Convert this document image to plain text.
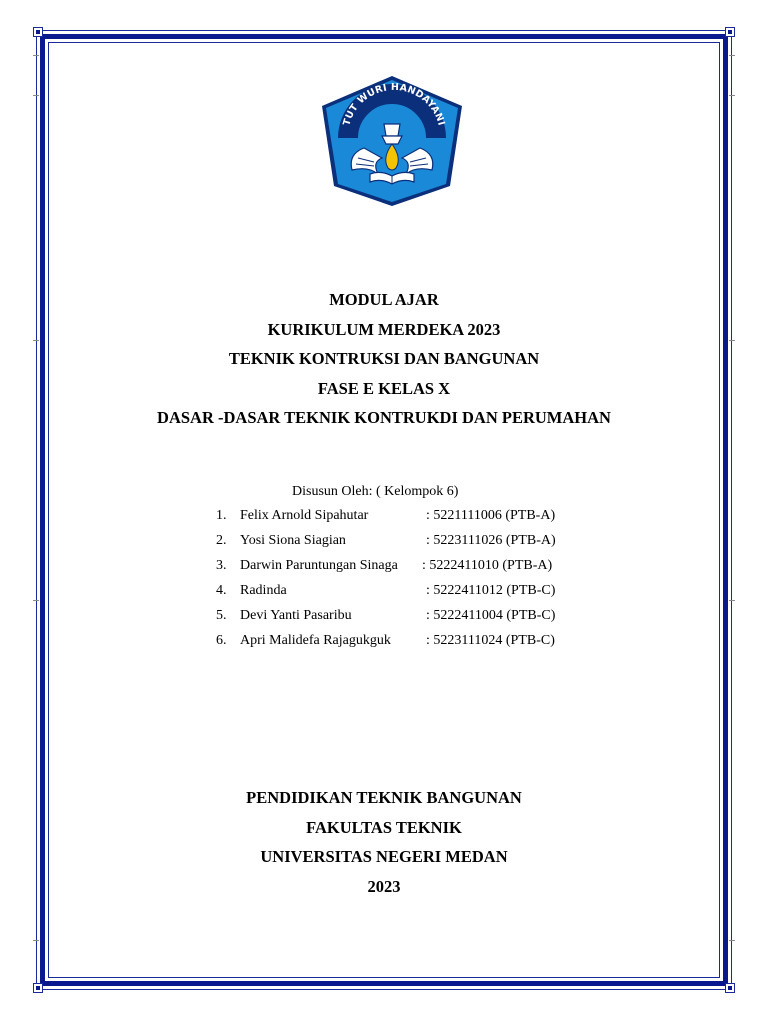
TUT WURI HANDAYANI
MODUL AJAR
KURIKULUM MERDEKA 2023
TEKNIK KONTRUKSI DAN BANGUNAN
FASE E KELAS X
DASAR -DASAR TEKNIK KONTRUKDI DAN PERUMAHAN
Disusun Oleh: ( Kelompok 6)
1. Felix Arnold Sipahutar	: 5221111006 (PTB-A)
2. Yosi Siona Siagian	: 5223111026 (PTB-A)
3. Darwin Paruntungan Sinaga : 5222411010 (PTB-A)
4. Radinda	: 5222411012 (PTB-C)
5. Devi Yanti Pasaribu	: 5222411004 (PTB-C)
6. Apri Malidefa Rajagukguk	: 5223111024 (PTB-C)
PENDIDIKAN TEKNIK BANGUNAN
FAKULTAS TEKNIK
UNIVERSITAS NEGERI MEDAN
2023
